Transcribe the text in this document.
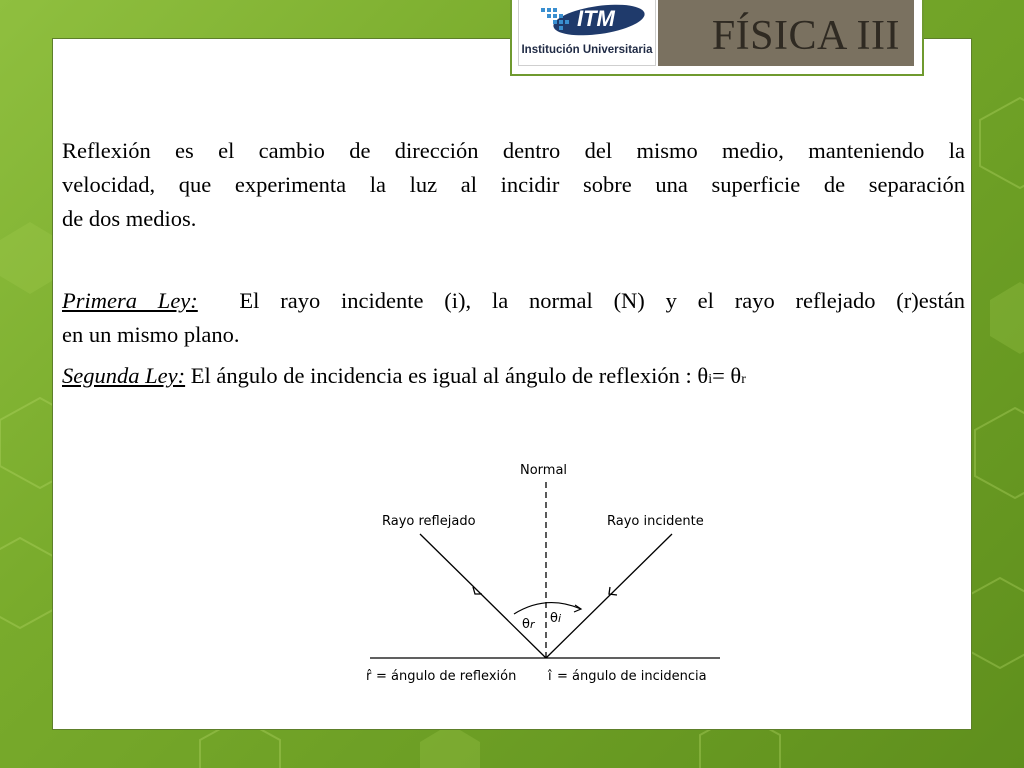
ITM
Institución Universitaria FÍSICA III
Reflexión es el cambio de dirección dentro del mismo medio, manteniendo la
velocidad, que experimenta la luz al incidir sobre una superficie de separación
de dos medios.
Primera Ley: El rayo incidente (i), la normal (N) y el rayo reflejado (r)están
en un mismo plano.
Segunda Ley: El ángulo de incidencia es igual al ángulo de reflexión : θi= θr
Normal
Rayo reflejado	Rayo incidente
θr θi
r̂ = ángulo de reflexión î = ángulo de incidencia
